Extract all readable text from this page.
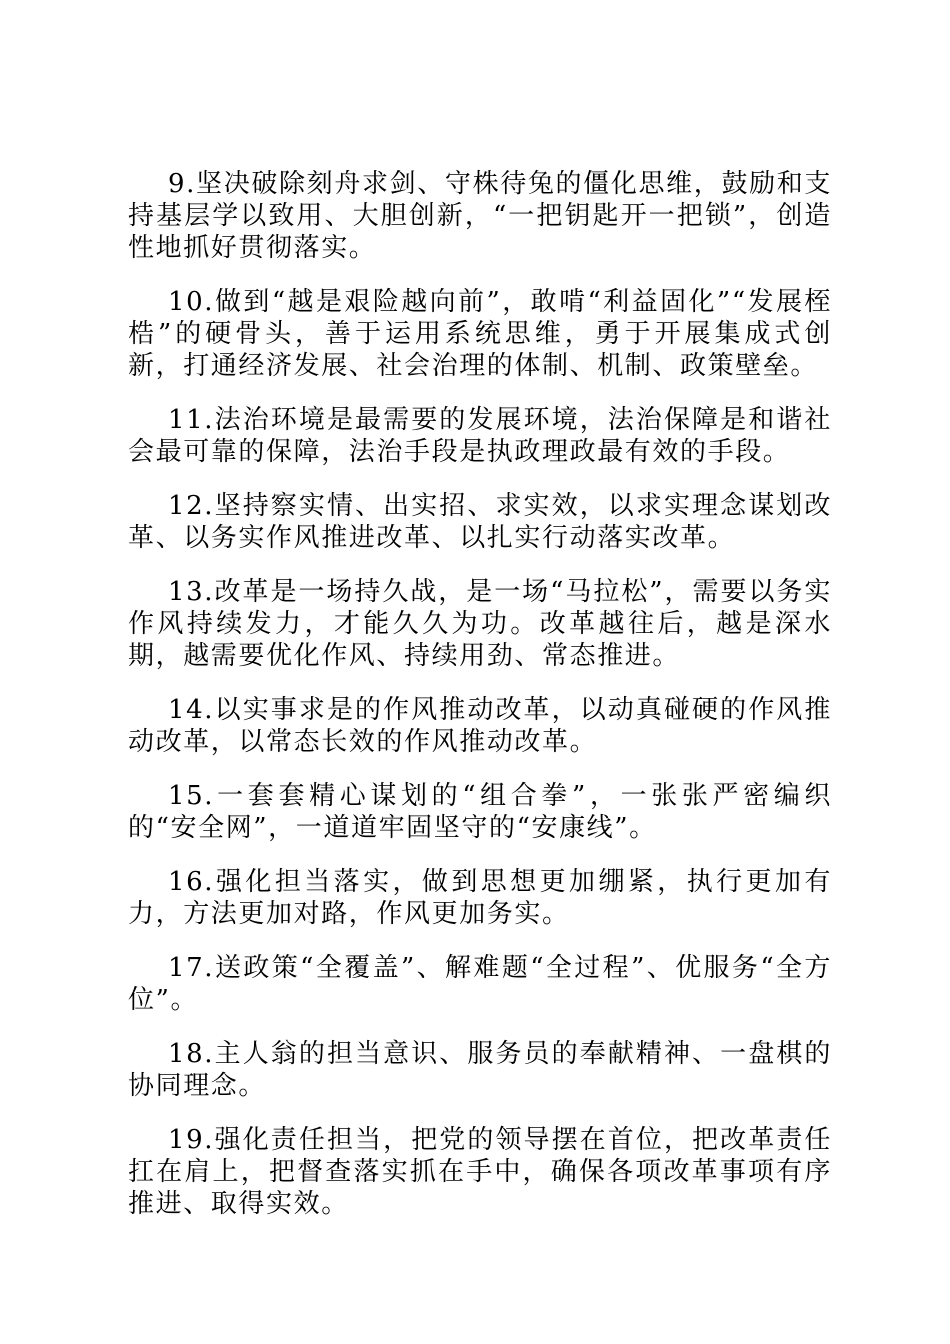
9.坚决破除刻舟求剑、守株待兔的僵化思维，鼓励和支持基层学以致用、大胆创新，“一把钥匙开一把锁”，创造性地抓好贯彻落实。

10.做到“越是艰险越向前”，敢啃“利益固化”“发展桎梏”的硬骨头，善于运用系统思维，勇于开展集成式创新，打通经济发展、社会治理的体制、机制、政策壁垒。

11.法治环境是最需要的发展环境，法治保障是和谐社会最可靠的保障，法治手段是执政理政最有效的手段。

12.坚持察实情、出实招、求实效，以求实理念谋划改革、以务实作风推进改革、以扎实行动落实改革。

13.改革是一场持久战，是一场“马拉松”，需要以务实作风持续发力，才能久久为功。改革越往后，越是深水期，越需要优化作风、持续用劲、常态推进。

14.以实事求是的作风推动改革，以动真碰硬的作风推动改革，以常态长效的作风推动改革。

15.一套套精心谋划的“组合拳”，一张张严密编织的“安全网”，一道道牢固坚守的“安康线”。

16.强化担当落实，做到思想更加绷紧，执行更加有力，方法更加对路，作风更加务实。

17.送政策“全覆盖”、解难题“全过程”、优服务“全方位”。

18.主人翁的担当意识、服务员的奉献精神、一盘棋的协同理念。

19.强化责任担当，把党的领导摆在首位，把改革责任扛在肩上，把督查落实抓在手中，确保各项改革事项有序推进、取得实效。
